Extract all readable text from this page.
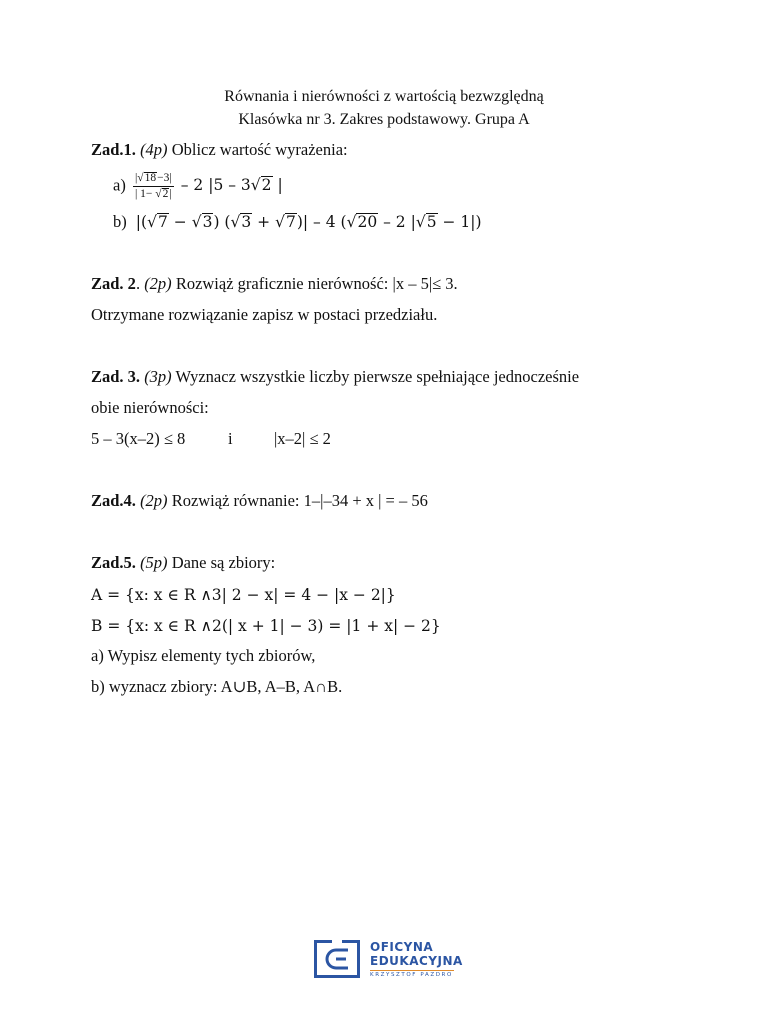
Równania i nierówności z wartością bezwzględną
Klasówka nr 3. Zakres podstawowy. Grupa A
Zad.1. (4p) Oblicz wartość wyrażenia:
$a) \frac{|√18-3|}{| 1- √2|} - 2$ |5 – 3√2 |
b)  |(√7 − √3) (√3 + √7)| – 4 (√20 – 2 |√5 − 1|)
Zad. 2. (2p) Rozwiąż graficznie nierówność: |x – 5|≤ 3.
Otrzymane rozwiązanie zapisz w postaci przedziału.
Zad. 3. (3p) Wyznacz wszystkie liczby pierwsze spełniające jednocześnie
obie nierówności:
5 – 3(x–2) ≤ 8	i	|x–2| ≤ 2
Zad.4. (2p) Rozwiąż równanie: 1–|–34 + x | = – 56
Zad.5. (5p) Dane są zbiory:
A = {x: x ∈ R ∧3| 2 − x| = 4 − |x − 2|}
B = {x: x ∈ R ∧2(| x + 1| − 3) = |1 + x| − 2}
a) Wypisz elementy tych zbiorów,
b) wyznacz zbiory: A∪B, A–B, A∩B.
OFICYNA
EDUKACYJNA
KRZYSZTOF PAZDRO
